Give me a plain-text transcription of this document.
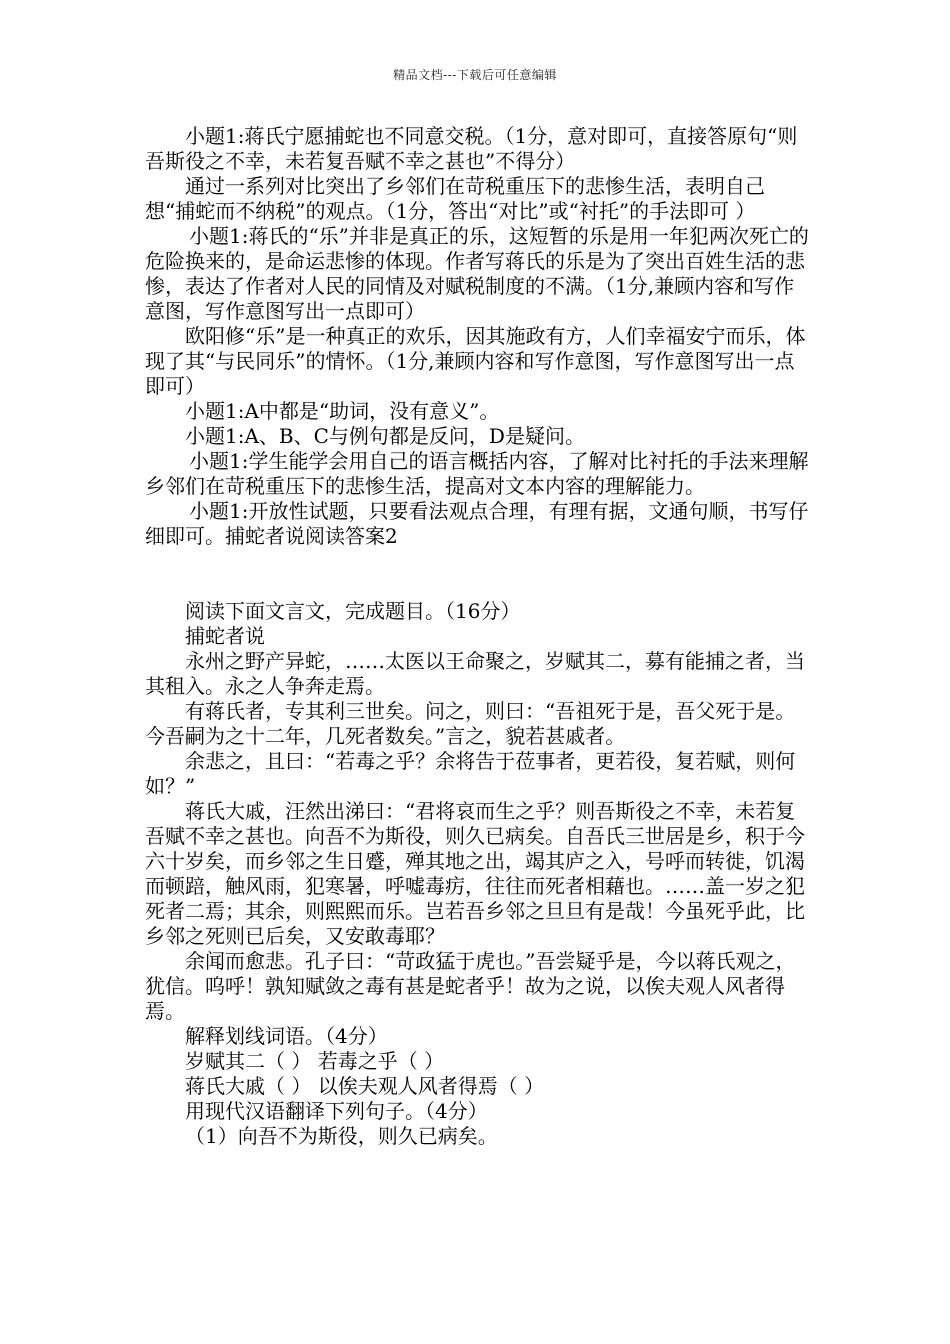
精品文档---下载后可任意编辑

小题1:蒋氏宁愿捕蛇也不同意交税。（1分，意对即可，直接答原句“则吾斯役之不幸，未若复吾赋不幸之甚也”不得分）

通过一系列对比突出了乡邻们在苛税重压下的悲惨生活，表明自己想“捕蛇而不纳税”的观点。（1分，答出“对比”或“衬托”的手法即可 ）

小题1:蒋氏的“乐”并非是真正的乐，这短暂的乐是用一年犯两次死亡的危险换来的，是命运悲惨的体现。作者写蒋氏的乐是为了突出百姓生活的悲惨，表达了作者对人民的同情及对赋税制度的不满。（1分,兼顾内容和写作意图，写作意图写出一点即可）

欧阳修“乐”是一种真正的欢乐，因其施政有方，人们幸福安宁而乐，体现了其“与民同乐”的情怀。（1分,兼顾内容和写作意图，写作意图写出一点即可）

小题1:A中都是“助词，没有意义”。

小题1:A、B、C与例句都是反问，D是疑问。

小题1:学生能学会用自己的语言概括内容，了解对比衬托的手法来理解乡邻们在苛税重压下的悲惨生活，提高对文本内容的理解能力。

小题1:开放性试题，只要看法观点合理，有理有据，文通句顺，书写仔细即可。捕蛇者说阅读答案2

阅读下面文言文，完成题目。（16分）

捕蛇者说

永州之野产异蛇，……太医以王命聚之，岁赋其二，募有能捕之者，当其租入。永之人争奔走焉。

有蒋氏者，专其利三世矣。问之，则曰：“吾祖死于是，吾父死于是。今吾嗣为之十二年，几死者数矣。”言之，貌若甚戚者。

余悲之，且曰：“若毒之乎？余将告于莅事者，更若役，复若赋，则何如？”

蒋氏大戚，汪然出涕曰：“君将哀而生之乎？则吾斯役之不幸，未若复吾赋不幸之甚也。向吾不为斯役，则久已病矣。自吾氏三世居是乡，积于今六十岁矣，而乡邻之生日蹙，殚其地之出，竭其庐之入，号呼而转徙，饥渴而顿踣，触风雨，犯寒暑，呼嘘毒疠，往往而死者相藉也。……盖一岁之犯死者二焉；其余，则熙熙而乐。岂若吾乡邻之旦旦有是哉！今虽死乎此，比乡邻之死则已后矣，又安敢毒耶？

余闻而愈悲。孔子曰：“苛政猛于虎也。”吾尝疑乎是，今以蒋氏观之，犹信。呜呼！孰知赋敛之毒有甚是蛇者乎！故为之说，以俟夫观人风者得焉。

解释划线词语。（4分）

岁赋其二（ ） 若毒之乎（ ）

蒋氏大戚（ ） 以俟夫观人风者得焉（ ）

用现代汉语翻译下列句子。（4分）

（1）向吾不为斯役，则久已病矣。
